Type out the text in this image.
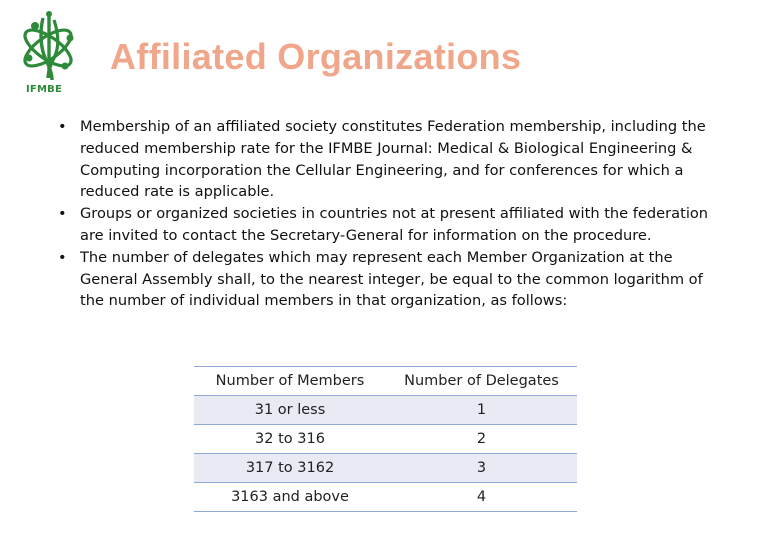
IFMBE
Affiliated Organizations
• Membership of an affiliated society constitutes Federation membership, including the reduced membership rate for the IFMBE Journal: Medical & Biological Engineering & Computing incorporation the Cellular Engineering, and for conferences for which a reduced rate is applicable.
• Groups or organized societies in countries not at present affiliated with the federation are invited to contact the Secretary-General for information on the procedure.
• The number of delegates which may represent each Member Organization at the General Assembly shall, to the nearest integer, be equal to the common logarithm of the number of individual members in that organization, as follows:
Number of Members	Number of Delegates
31 or less	1
32 to 316	2
317 to 3162	3
3163 and above	4
